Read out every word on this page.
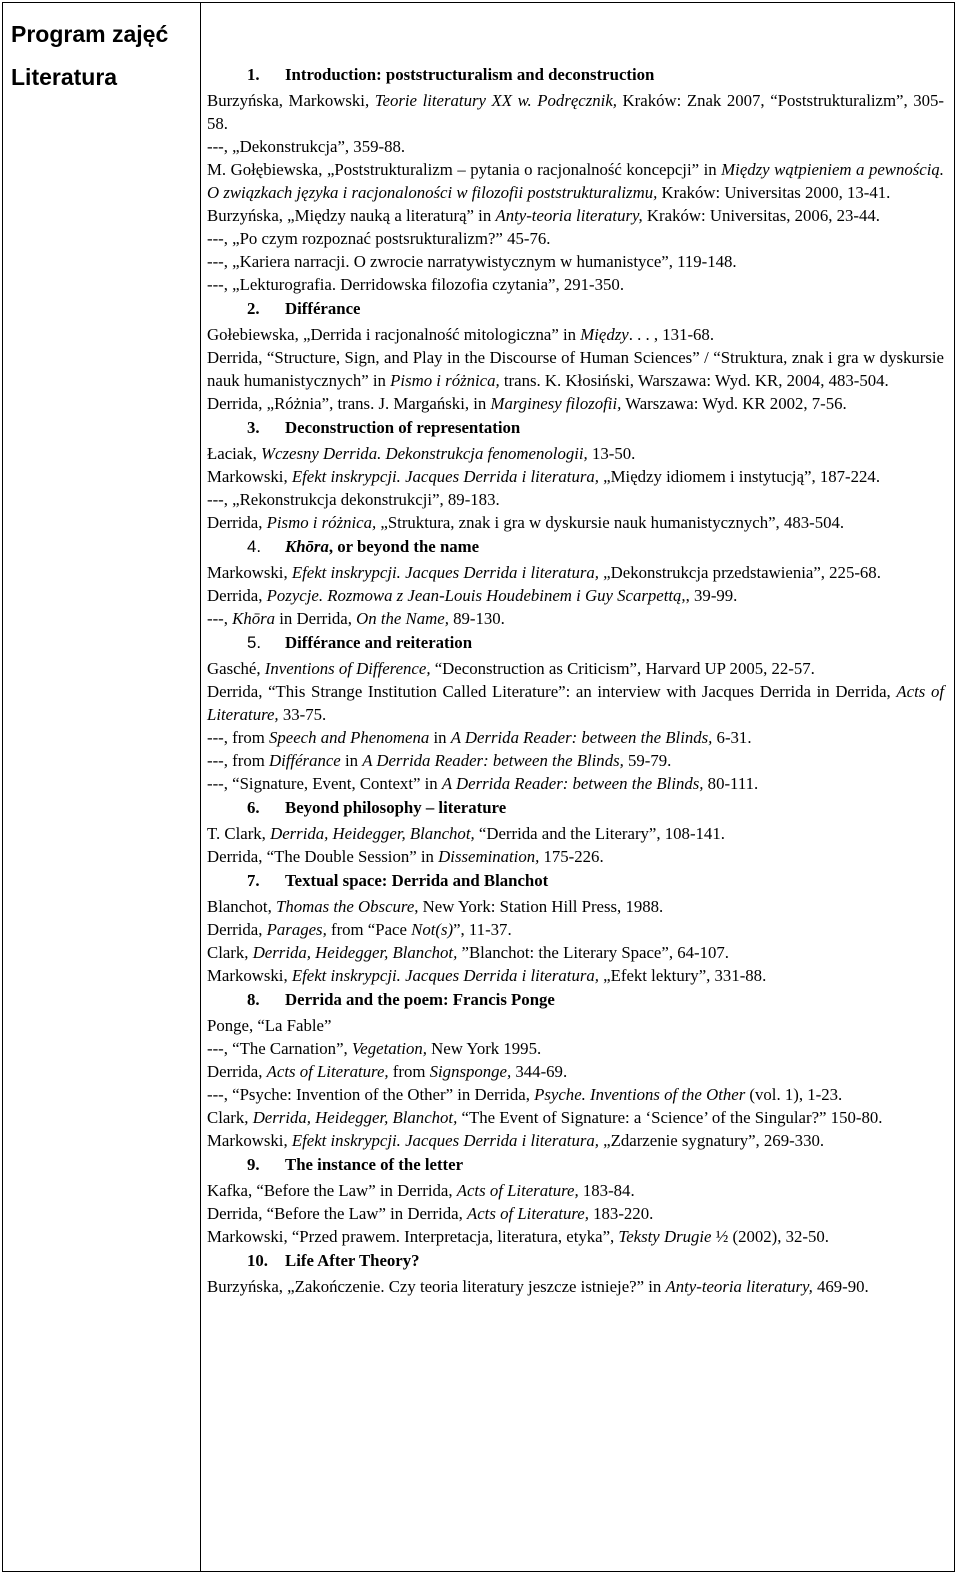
Program zajęć
Literatura	1. Introduction: poststructuralism and deconstruction

Burzyńska, Markowski, Teorie literatury XX w. Podręcznik, Kraków: Znak 2007, “Poststrukturalizm”, 305-58.

---, „Dekonstrukcja”, 359-88.

M. Gołębiewska, „Poststrukturalizm – pytania o racjonalność koncepcji” in Między wątpieniem a pewnością. O związkach języka i racjonaloności w filozofii poststrukturalizmu, Kraków: Universitas 2000, 13-41.

Burzyńska, „Między nauką a literaturą” in Anty-teoria literatury, Kraków: Universitas, 2006, 23-44.

---, „Po czym rozpoznać postsrukturalizm?” 45-76.

---, „Kariera narracji. O zwrocie narratywistycznym w humanistyce”, 119-148.

---, „Lekturografia. Derridowska filozofia czytania”, 291-350.

2. Différance

Gołebiewska, „Derrida i racjonalność mitologiczna” in Między. . . , 131-68.

Derrida, “Structure, Sign, and Play in the Discourse of Human Sciences” / “Struktura, znak i gra w dyskursie nauk humanistycznych” in Pismo i różnica, trans. K. Kłosiński, Warszawa: Wyd. KR, 2004, 483-504.

Derrida, „Różnia”, trans. J. Margański, in Marginesy filozofii, Warszawa: Wyd. KR 2002, 7-56.

3. Deconstruction of representation

Łaciak, Wczesny Derrida. Dekonstrukcja fenomenologii, 13-50.

Markowski, Efekt inskrypcji. Jacques Derrida i literatura, „Między idiomem i instytucją”, 187-224.

---, „Rekonstrukcja dekonstrukcji”, 89-183.

Derrida, Pismo i różnica, „Struktura, znak i gra w dyskursie nauk humanistycznych”, 483-504.

4. Khōra, or beyond the name

Markowski, Efekt inskrypcji. Jacques Derrida i literatura, „Dekonstrukcja przedstawienia”, 225-68.

Derrida, Pozycje. Rozmowa z Jean-Louis Houdebinem i Guy Scarpettą,, 39-99.

---, Khōra in Derrida, On the Name, 89-130.

5. Différance and reiteration

Gasché, Inventions of Difference, “Deconstruction as Criticism”, Harvard UP 2005, 22-57.

Derrida, “This Strange Institution Called Literature”: an interview with Jacques Derrida in Derrida, Acts of Literature, 33-75.

---, from Speech and Phenomena in A Derrida Reader: between the Blinds, 6-31.

---, from Différance in A Derrida Reader: between the Blinds, 59-79.

---, “Signature, Event, Context” in A Derrida Reader: between the Blinds, 80-111.

6. Beyond philosophy – literature

T. Clark, Derrida, Heidegger, Blanchot, “Derrida and the Literary”, 108-141.

Derrida, “The Double Session” in Dissemination, 175-226.

7. Textual space: Derrida and Blanchot

Blanchot, Thomas the Obscure, New York: Station Hill Press, 1988.

Derrida, Parages, from “Pace Not(s)”, 11-37.

Clark, Derrida, Heidegger, Blanchot, ”Blanchot: the Literary Space”, 64-107.

Markowski, Efekt inskrypcji. Jacques Derrida i literatura, „Efekt lektury”, 331-88.

8. Derrida and the poem: Francis Ponge

Ponge, “La Fable”

---, “The Carnation”, Vegetation, New York 1995.

Derrida, Acts of Literature, from Signsponge, 344-69.

---, “Psyche: Invention of the Other” in Derrida, Psyche. Inventions of the Other (vol. 1), 1-23.

Clark, Derrida, Heidegger, Blanchot, “The Event of Signature: a ‘Science’ of the Singular?” 150-80.

Markowski, Efekt inskrypcji. Jacques Derrida i literatura, „Zdarzenie sygnatury”, 269-330.

9. The instance of the letter

Kafka, “Before the Law” in Derrida, Acts of Literature, 183-84.

Derrida, “Before the Law” in Derrida, Acts of Literature, 183-220.

Markowski, “Przed prawem. Interpretacja, literatura, etyka”, Teksty Drugie ½ (2002), 32-50.

10. Life After Theory?

Burzyńska, „Zakończenie. Czy teoria literatury jeszcze istnieje?” in Anty-teoria literatury, 469-90.
